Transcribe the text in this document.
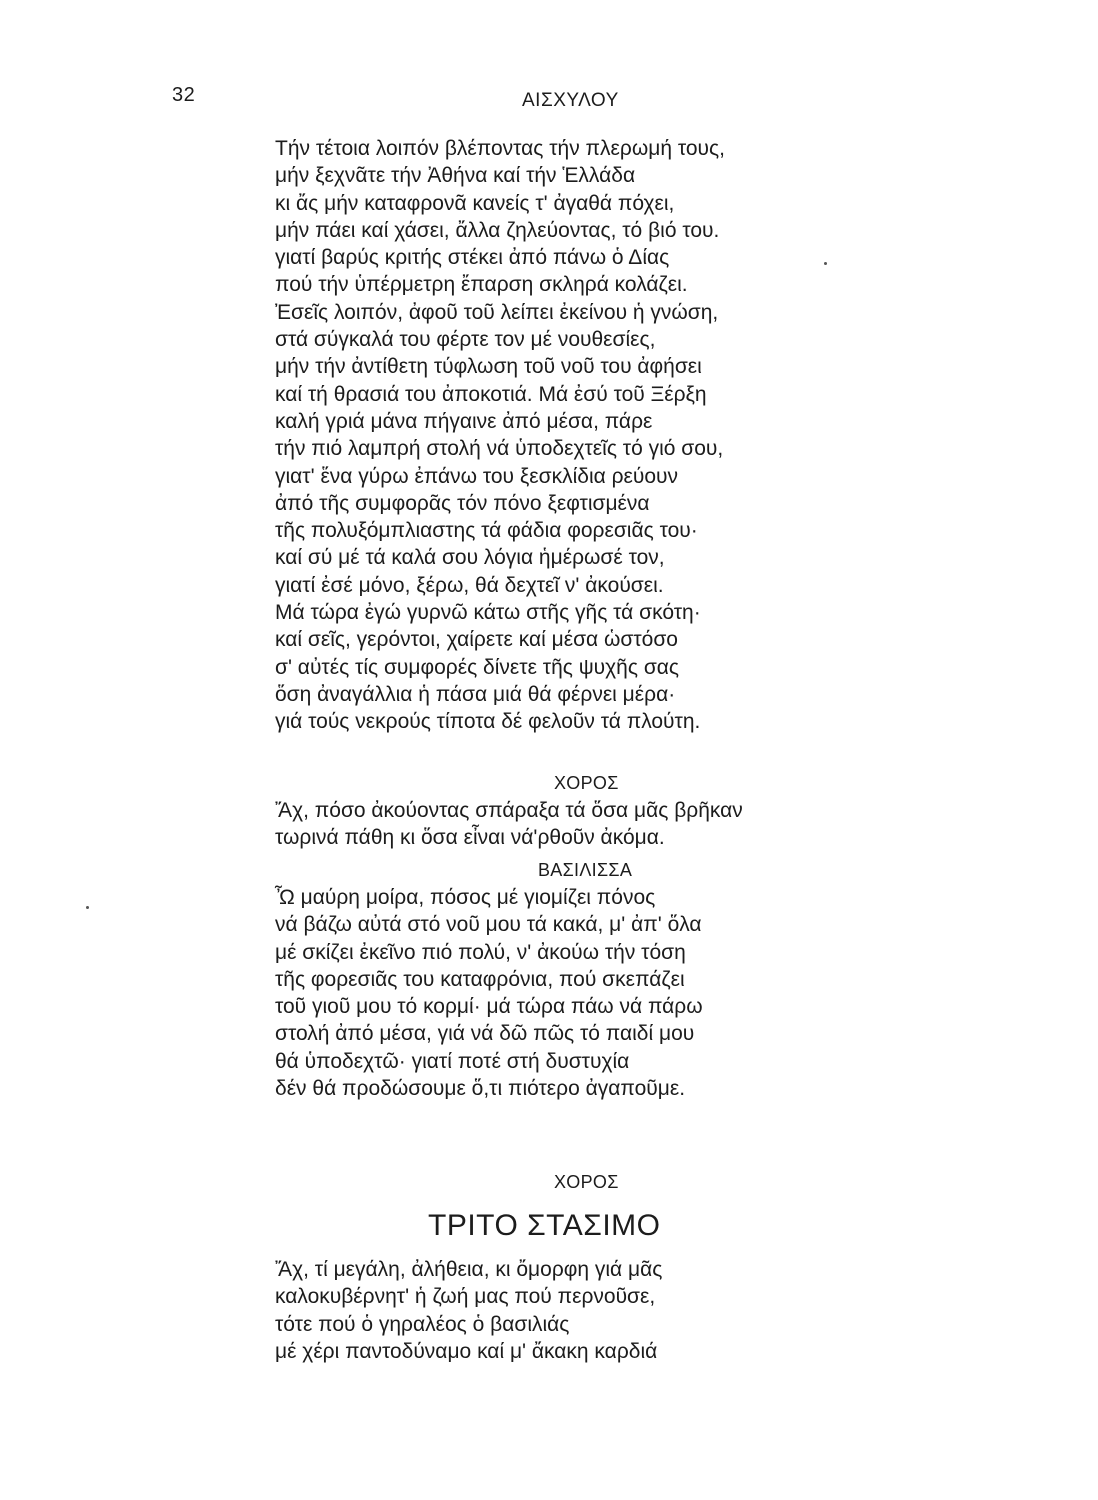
32	ΑΙΣΧΥΛΟΥ
Τήν τέτοια λοιπόν βλέποντας τήν πλερωμή τους,
μήν ξεχνᾶτε τήν Ἀθήνα καί τήν Ἑλλάδα
κι ἄς μήν καταφρονᾶ κανείς τ' ἀγαθά πόχει,
μήν πάει καί χάσει, ἄλλα ζηλεύοντας, τό βιό του.
γιατί βαρύς κριτής στέκει ἀπό πάνω ὁ Δίας
πού τήν ὑπέρμετρη ἔπαρση σκληρά κολάζει.
Ἐσεῖς λοιπόν, ἀφοῦ τοῦ λείπει ἐκείνου ἡ γνώση,
στά σύγκαλά του φέρτε τον μέ νουθεσίες,
μήν τήν ἀντίθετη τύφλωση τοῦ νοῦ του ἀφήσει
καί τή θρασιά του ἀποκοτιά. Μά ἐσύ τοῦ Ξέρξη
καλή γριά μάνα πήγαινε ἀπό μέσα, πάρε
τήν πιό λαμπρή στολή νά ὑποδεχτεῖς τό γιό σου,
γιατ' ἕνα γύρω ἐπάνω του ξεσκλίδια ρεύουν
ἀπό τῆς συμφορᾶς τόν πόνο ξεφτισμένα
τῆς πολυξόμπλιαστης τά φάδια φορεσιᾶς του·
καί σύ μέ τά καλά σου λόγια ἡμέρωσέ τον,
γιατί ἐσέ μόνο, ξέρω, θά δεχτεῖ ν' ἀκούσει.
Μά τώρα ἐγώ γυρνῶ κάτω στῆς γῆς τά σκότη·
καί σεῖς, γερόντοι, χαίρετε καί μέσα ὡστόσο
σ' αὐτές τίς συμφορές δίνετε τῆς ψυχῆς σας
ὅση ἀναγάλλια ἡ πάσα μιά θά φέρνει μέρα·
γιά τούς νεκρούς τίποτα δέ φελοῦν τά πλούτη.
ΧΟΡΟΣ
Ἄχ, πόσο ἀκούοντας σπάραξα τά ὅσα μᾶς βρῆκαν
τωρινά πάθη κι ὅσα εἶναι νά'ρθοῦν ἀκόμα.
ΒΑΣΙΛΙΣΣΑ
Ὦ μαύρη μοίρα, πόσος μέ γιομίζει πόνος
νά βάζω αὐτά στό νοῦ μου τά κακά, μ' ἀπ' ὅλα
μέ σκίζει ἐκεῖνο πιό πολύ, ν' ἀκούω τήν τόση
τῆς φορεσιᾶς του καταφρόνια, πού σκεπάζει
τοῦ γιοῦ μου τό κορμί· μά τώρα πάω νά πάρω
στολή ἀπό μέσα, γιά νά δῶ πῶς τό παιδί μου
θά ὑποδεχτῶ· γιατί ποτέ στή δυστυχία
δέν θά προδώσουμε ὅ,τι πιότερο ἀγαποῦμε.
ΧΟΡΟΣ
ΤΡΙΤΟ ΣΤΑΣΙΜΟ
Ἄχ, τί μεγάλη, ἀλήθεια, κι ὄμορφη γιά μᾶς
καλοκυβέρνητ' ἡ ζωή μας πού περνοῦσε,
τότε πού ὁ γηραλέος ὁ βασιλιάς
μέ χέρι παντοδύναμο καί μ' ἄκακη καρδιά
